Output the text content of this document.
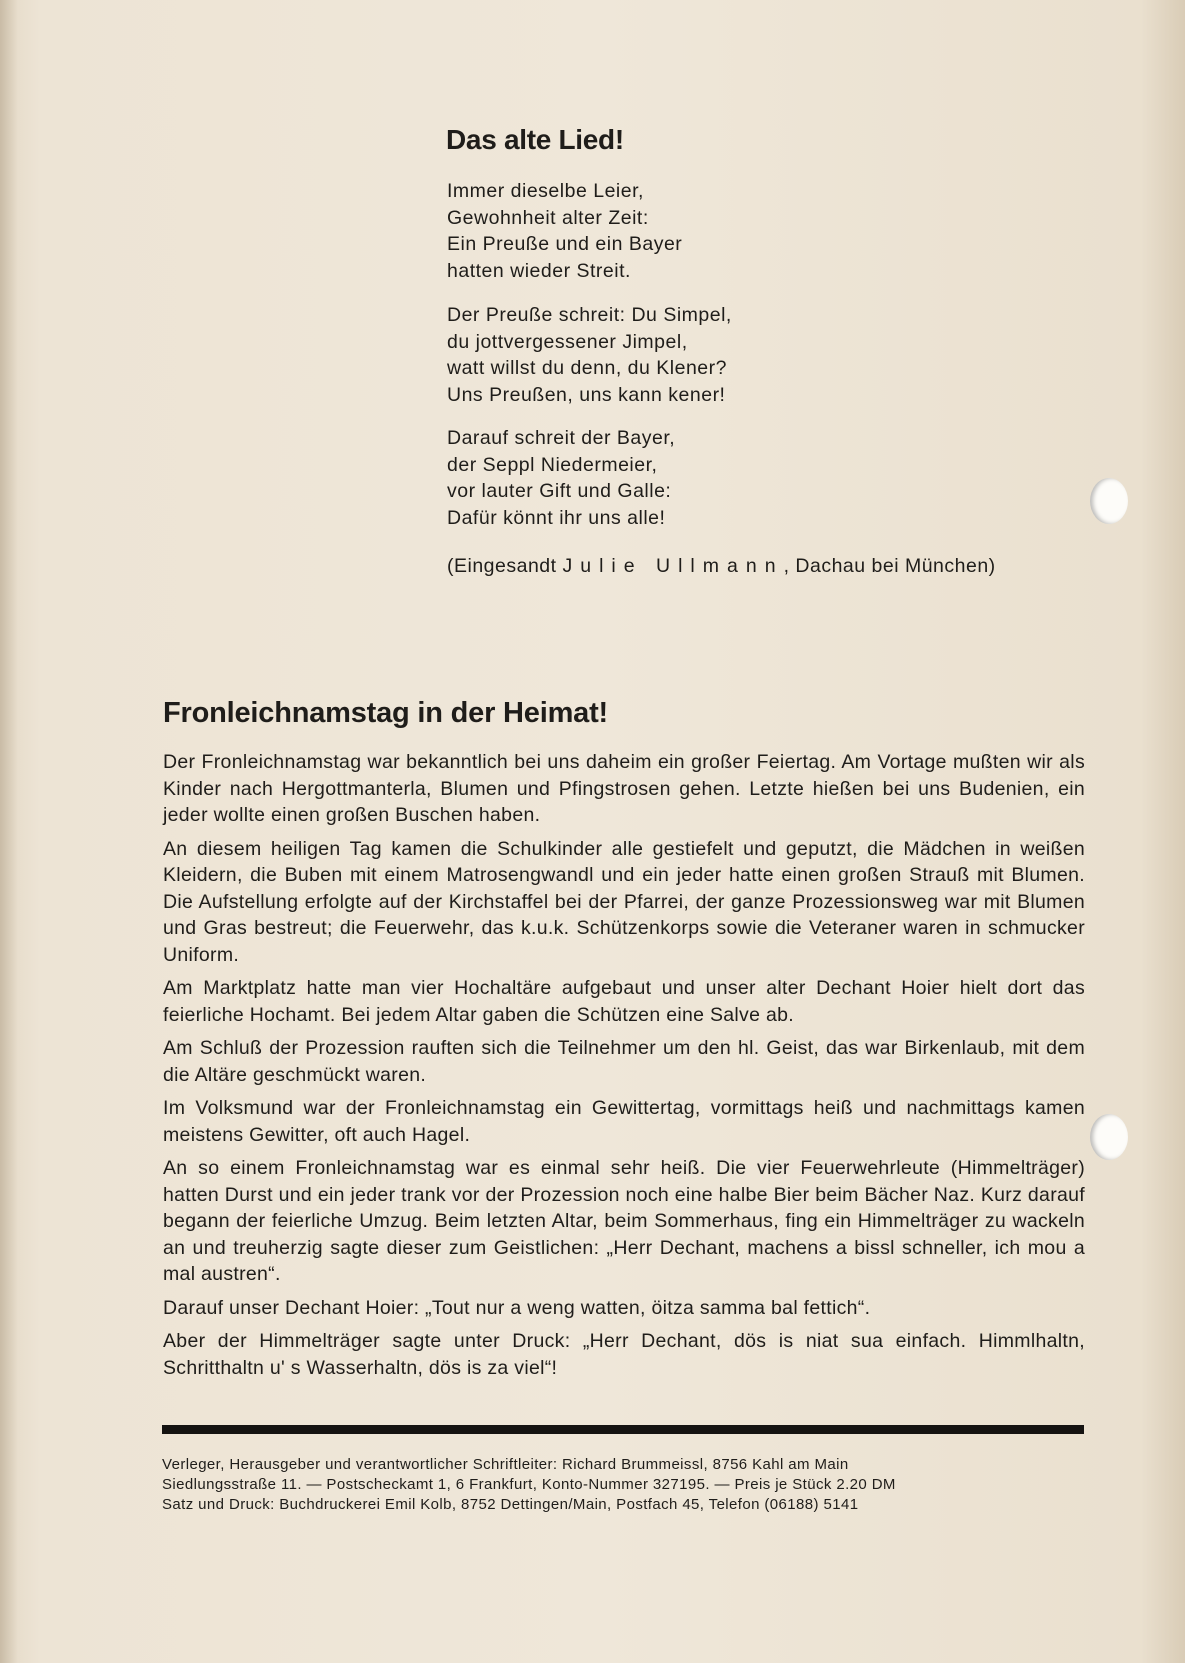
Das alte Lied!
Immer dieselbe Leier,
Gewohnheit alter Zeit:
Ein Preuße und ein Bayer
hatten wieder Streit.
Der Preuße schreit: Du Simpel,
du jottvergessener Jimpel,
watt willst du denn, du Klener?
Uns Preußen, uns kann kener!
Darauf schreit der Bayer,
der Seppl Niedermeier,
vor lauter Gift und Galle:
Dafür könnt ihr uns alle!

(Eingesandt Julie Ullmann, Dachau bei München)

Fronleichnamstag in der Heimat!

Der Fronleichnamstag war bekanntlich bei uns daheim ein großer Feiertag. Am Vortage mußten wir als Kinder nach Hergottmanterla, Blumen und Pfingstrosen gehen. Letzte hießen bei uns Budenien, ein jeder wollte einen großen Buschen haben.

An diesem heiligen Tag kamen die Schulkinder alle gestiefelt und geputzt, die Mädchen in weißen Kleidern, die Buben mit einem Matrosengwandl und ein jeder hatte einen großen Strauß mit Blumen. Die Aufstellung erfolgte auf der Kirchstaffel bei der Pfarrei, der ganze Prozessionsweg war mit Blumen und Gras bestreut; die Feuerwehr, das k.u.k. Schützenkorps sowie die Veteraner waren in schmucker Uniform.

Am Marktplatz hatte man vier Hochaltäre aufgebaut und unser alter Dechant Hoier hielt dort das feierliche Hochamt. Bei jedem Altar gaben die Schützen eine Salve ab.

Am Schluß der Prozession rauften sich die Teilnehmer um den hl. Geist, das war Birkenlaub, mit dem die Altäre geschmückt waren.

Im Volksmund war der Fronleichnamstag ein Gewittertag, vormittags heiß und nachmittags kamen meistens Gewitter, oft auch Hagel.

An so einem Fronleichnamstag war es einmal sehr heiß. Die vier Feuerwehrleute (Himmelträger) hatten Durst und ein jeder trank vor der Prozession noch eine halbe Bier beim Bächer Naz. Kurz darauf begann der feierliche Umzug. Beim letzten Altar, beim Sommerhaus, fing ein Himmelträger zu wackeln an und treuherzig sagte dieser zum Geistlichen: „Herr Dechant, machens a bissl schneller, ich mou a mal austren“.

Darauf unser Dechant Hoier: „Tout nur a weng watten, öitza samma bal fettich“.

Aber der Himmelträger sagte unter Druck: „Herr Dechant, dös is niat sua einfach. Himmlhaltn, Schritthaltn u' s Wasserhaltn, dös is za viel“!

Verleger, Herausgeber und verantwortlicher Schriftleiter: Richard Brummeissl, 8756 Kahl am Main
Siedlungsstraße 11. — Postscheckamt 1, 6 Frankfurt, Konto-Nummer 327195. — Preis je Stück 2.20 DM
Satz und Druck: Buchdruckerei Emil Kolb, 8752 Dettingen/Main, Postfach 45, Telefon (06188) 5141
